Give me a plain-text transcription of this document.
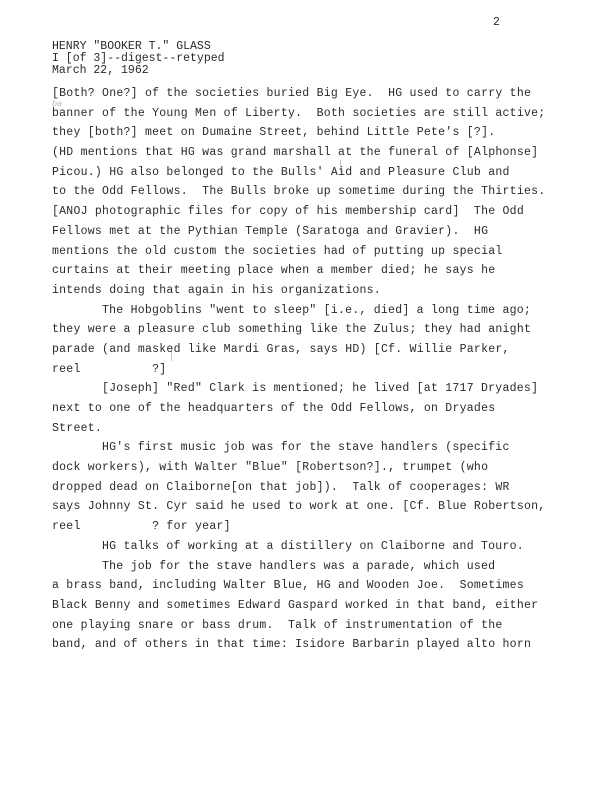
2
HENRY "BOOKER T." GLASS
I [of 3]--digest--retyped
March 22, 1962
ba
[Both? One?] of the societies buried Big Eye.  HG used to carry the
banner of the Young Men of Liberty.  Both societies are still active;
they [both?] meet on Dumaine Street, behind Little Pete's [?].
(HD mentions that HG was grand marshall at the funeral of [Alphonse]
Picou.) HG also belonged to the Bulls' Aid and Pleasure Club and
to the Odd Fellows.  The Bulls broke up sometime during the Thirties.
[ANOJ photographic files for copy of his membership card]  The Odd
Fellows met at the Pythian Temple (Saratoga and Gravier).  HG
mentions the old custom the societies had of putting up special
curtains at their meeting place when a member died; he says he
intends doing that again in his organizations.
The Hobgoblins "went to sleep" [i.e., died] a long time ago;
they were a pleasure club something like the Zulus; they had anight
parade (and masked like Mardi Gras, says HD) [Cf. Willie Parker,
reel          ?]
[Joseph] "Red" Clark is mentioned; he lived [at 1717 Dryades]
next to one of the headquarters of the Odd Fellows, on Dryades
Street.
HG's first music job was for the stave handlers (specific
dock workers), with Walter "Blue" [Robertson?]., trumpet (who
dropped dead on Claiborne[on that job]).  Talk of cooperages: WR
says Johnny St. Cyr said he used to work at one. [Cf. Blue Robertson,
reel          ? for year]
HG talks of working at a distillery on Claiborne and Touro.
The job for the stave handlers was a parade, which used
a brass band, including Walter Blue, HG and Wooden Joe.  Sometimes
Black Benny and sometimes Edward Gaspard worked in that band, either
one playing snare or bass drum.  Talk of instrumentation of the
band, and of others in that time: Isidore Barbarin played alto horn
